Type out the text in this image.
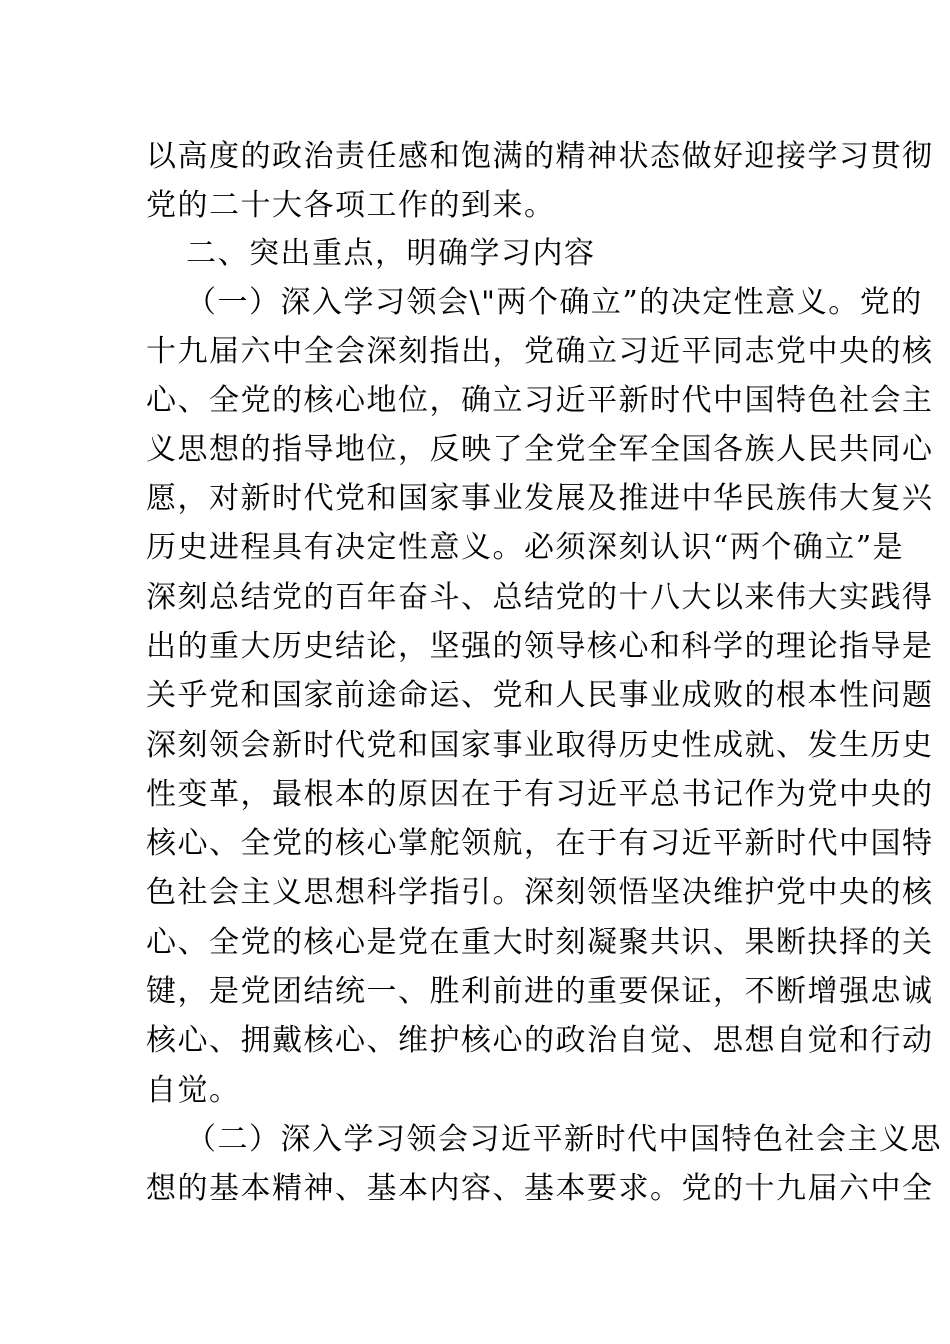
以高度的政治责任感和饱满的精神状态做好迎接学习贯彻
党的二十大各项工作的到来。
二、突出重点，明确学习内容
（一）深入学习领会\"两个确立”的决定性意义。党的
十九届六中全会深刻指出，党确立习近平同志党中央的核
心、全党的核心地位，确立习近平新时代中国特色社会主
义思想的指导地位，反映了全党全军全国各族人民共同心
愿，对新时代党和国家事业发展及推进中华民族伟大复兴
历史进程具有决定性意义。必须深刻认识“两个确立”是
深刻总结党的百年奋斗、总结党的十八大以来伟大实践得
出的重大历史结论，坚强的领导核心和科学的理论指导是
关乎党和国家前途命运、党和人民事业成败的根本性问题
深刻领会新时代党和国家事业取得历史性成就、发生历史
性变革，最根本的原因在于有习近平总书记作为党中央的
核心、全党的核心掌舵领航，在于有习近平新时代中国特
色社会主义思想科学指引。深刻领悟坚决维护党中央的核
心、全党的核心是党在重大时刻凝聚共识、果断抉择的关
键，是党团结统一、胜利前进的重要保证，不断增强忠诚
核心、拥戴核心、维护核心的政治自觉、思想自觉和行动
自觉。
（二）深入学习领会习近平新时代中国特色社会主义思
想的基本精神、基本内容、基本要求。党的十九届六中全
